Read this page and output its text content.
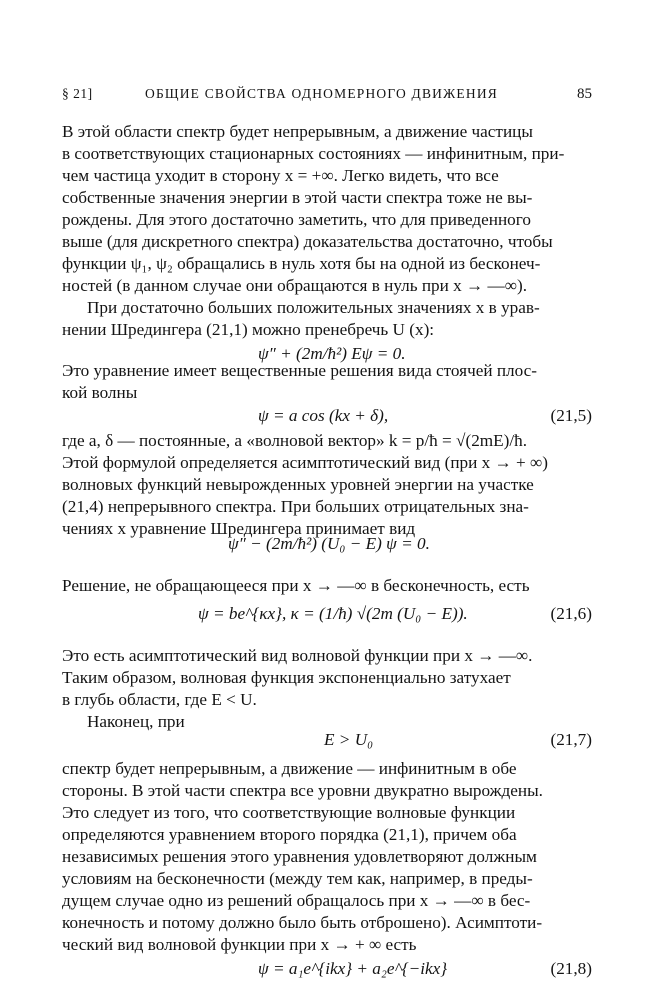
§ 21]	ОБЩИЕ СВОЙСТВА ОДНОМЕРНОГО ДВИЖЕНИЯ	85
В этой области спектр будет непрерывным, а движение частицы
в соответствующих стационарных состояниях — инфинитным, при-
чем частица уходит в сторону x = +∞. Легко видеть, что все
собственные значения энергии в этой части спектра тоже не вы-
рождены. Для этого достаточно заметить, что для приведенного
выше (для дискретного спектра) доказательства достаточно, чтобы
функции ψ₁, ψ₂ обращались в нуль хотя бы на одной из бесконеч-
ностей (в данном случае они обращаются в нуль при x → —∞).
При достаточно больших положительных значениях x в урав-
нении Шредингера (21,1) можно пренебречь U (x):
ψ″ + (2m/ħ²) Eψ = 0.
Это уравнение имеет вещественные решения вида стоячей плос-
кой волны
ψ = a cos (kx + δ),	(21,5)
где a, δ — постоянные, а «волновой вектор» k = p/ħ = √(2mE)/ħ.
Этой формулой определяется асимптотический вид (при x → + ∞)
волновых функций невырожденных уровней энергии на участке
(21,4) непрерывного спектра. При больших отрицательных зна-
чениях x уравнение Шредингера принимает вид
ψ″ − (2m/ħ²) (U₀ − E) ψ = 0.
Решение, не обращающееся при x → —∞ в бесконечность, есть
ψ = be^{κx}, κ = (1/ħ) √(2m (U₀ − E)).	(21,6)
Это есть асимптотический вид волновой функции при x → —∞.
Таким образом, волновая функция экспоненциально затухает
в глубь области, где E < U.
Наконец, при
E > U₀	(21,7)
спектр будет непрерывным, а движение — инфинитным в обе
стороны. В этой части спектра все уровни двукратно вырождены.
Это следует из того, что соответствующие волновые функции
определяются уравнением второго порядка (21,1), причем оба
независимых решения этого уравнения удовлетворяют должным
условиям на бесконечности (между тем как, например, в преды-
дущем случае одно из решений обращалось при x → —∞ в бес-
конечность и потому должно было быть отброшено). Асимптоти-
ческий вид волновой функции при x → + ∞ есть
ψ = a₁e^{ikx} + a₂e^{−ikx}	(21,8)
